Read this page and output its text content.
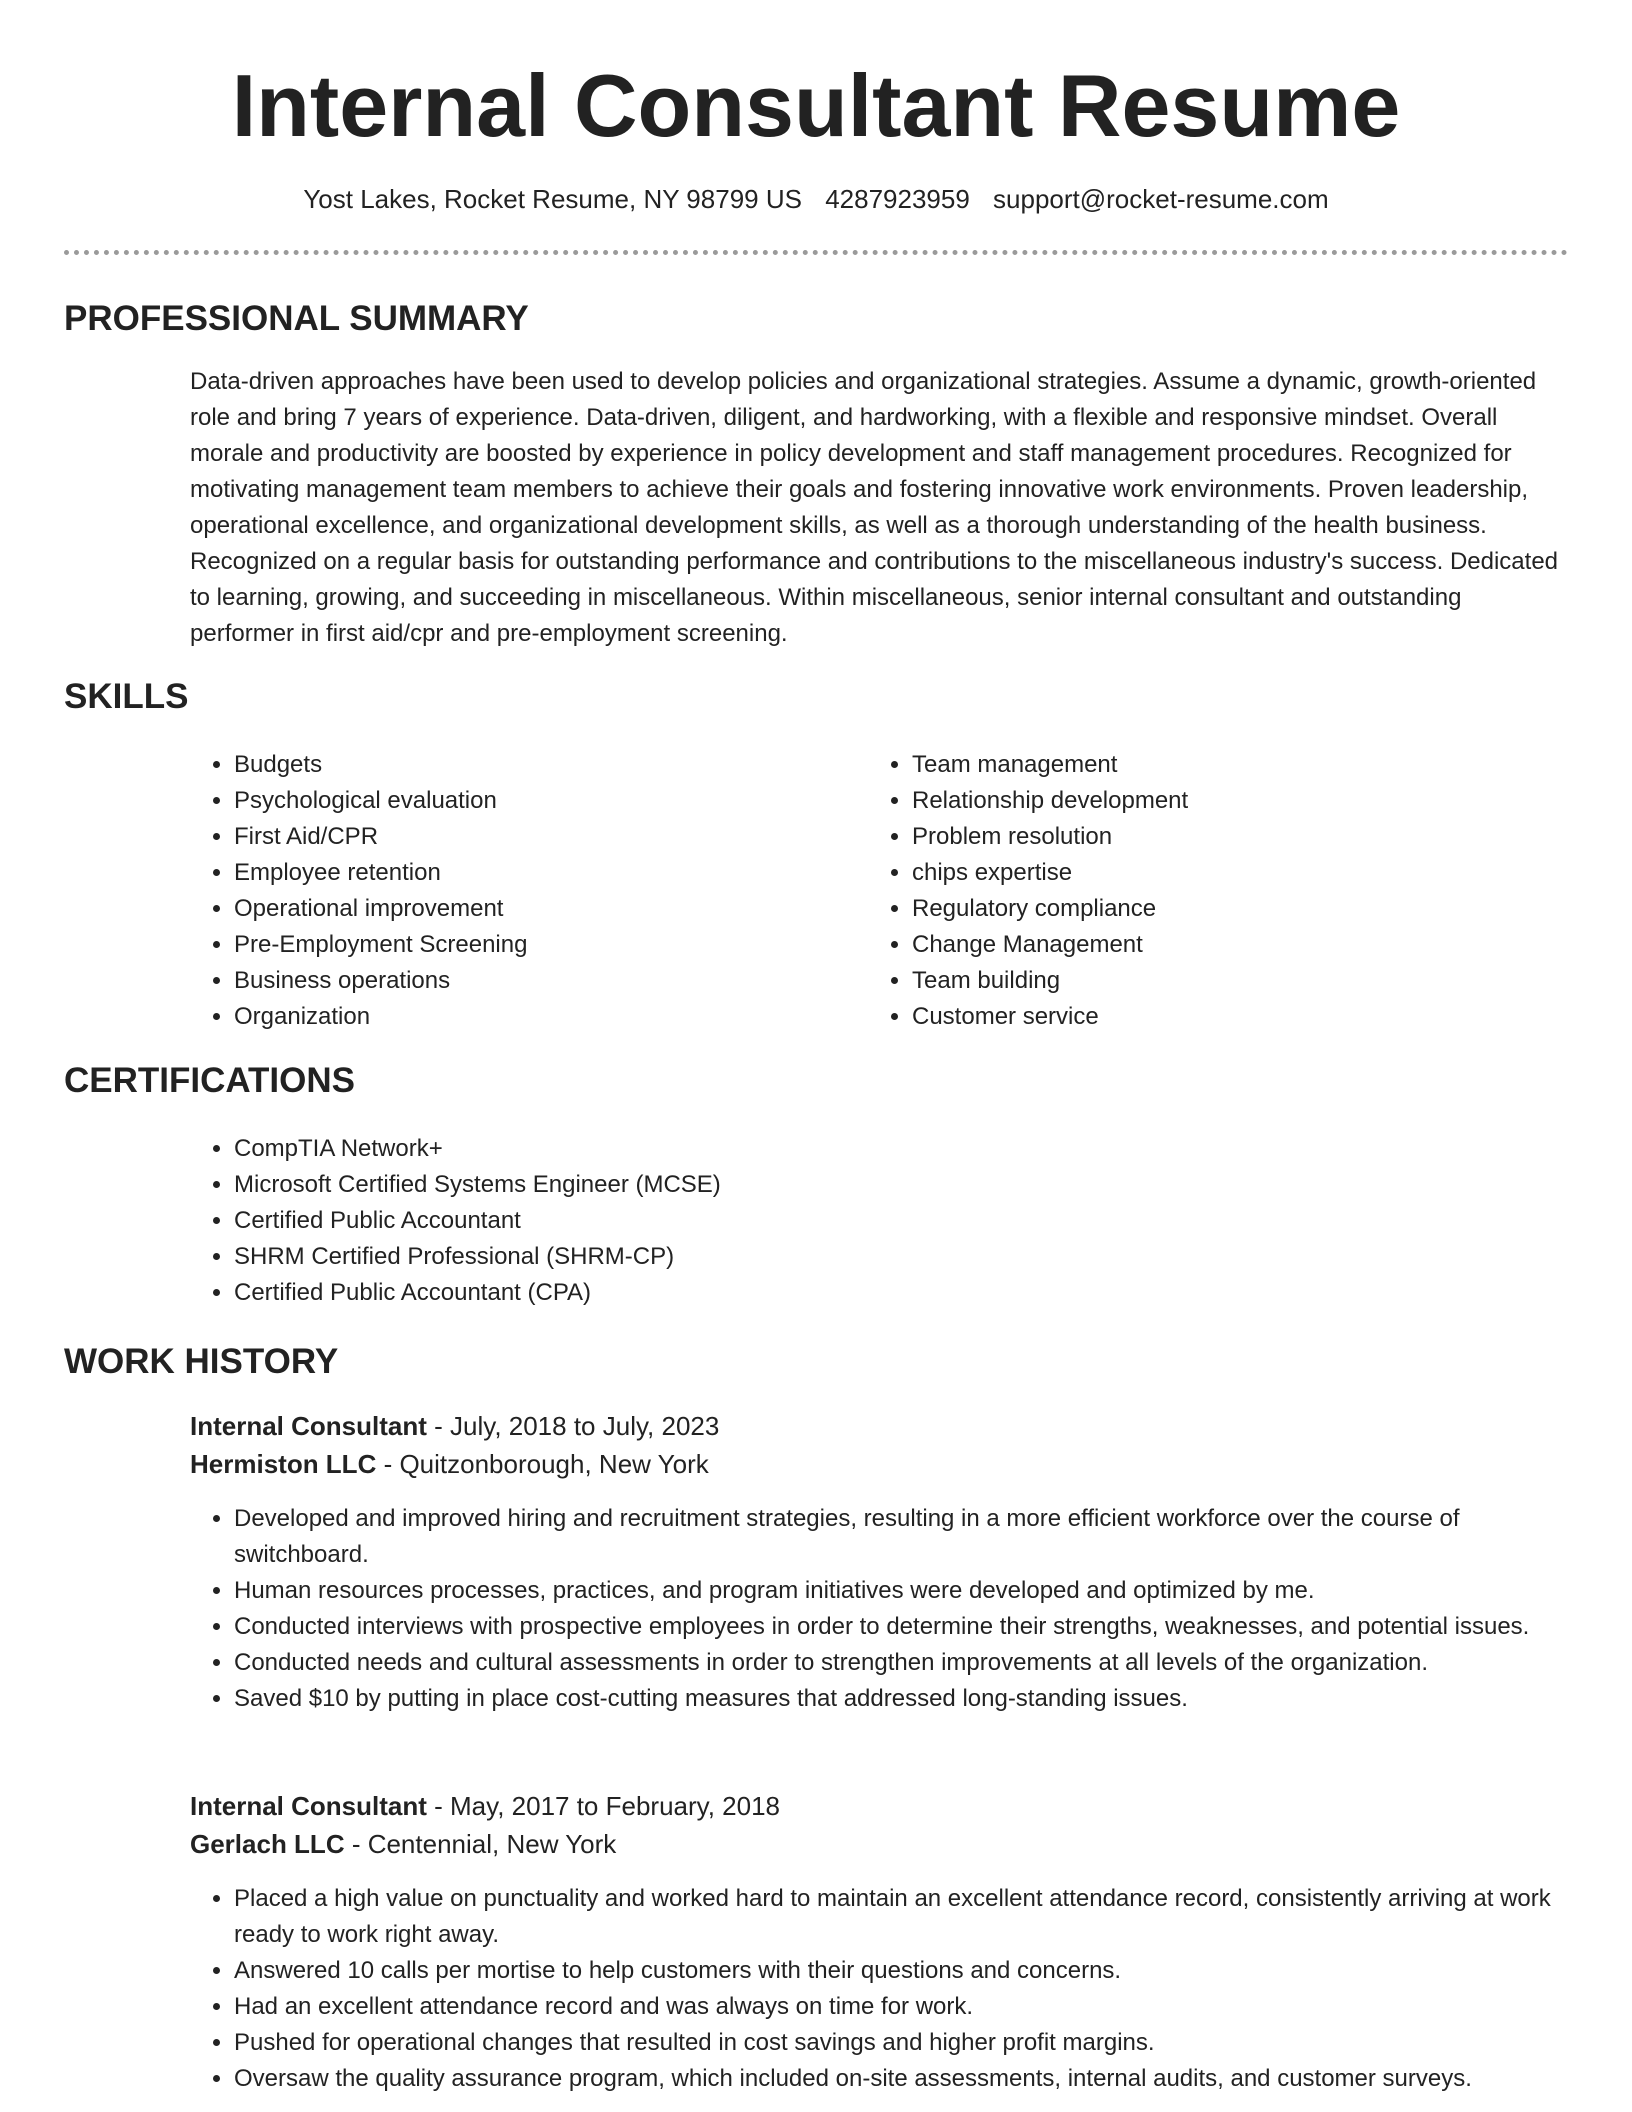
Internal Consultant Resume
Yost Lakes, Rocket Resume, NY 98799 US 4287923959 support@rocket-resume.com
PROFESSIONAL SUMMARY

Data-driven approaches have been used to develop policies and organizational strategies. Assume a dynamic, growth-oriented role and bring 7 years of experience. Data-driven, diligent, and hardworking, with a flexible and responsive mindset. Overall morale and productivity are boosted by experience in policy development and staff management procedures. Recognized for motivating management team members to achieve their goals and fostering innovative work environments. Proven leadership, operational excellence, and organizational development skills, as well as a thorough understanding of the health business. Recognized on a regular basis for outstanding performance and contributions to the miscellaneous industry's success. Dedicated to learning, growing, and succeeding in miscellaneous. Within miscellaneous, senior internal consultant and outstanding performer in first aid/cpr and pre-employment screening.

SKILLS
• Budgets
• Psychological evaluation
• First Aid/CPR
• Employee retention
• Operational improvement
• Pre-Employment Screening
• Business operations
• Organization
• Team management
• Relationship development
• Problem resolution
• chips expertise
• Regulatory compliance
• Change Management
• Team building
• Customer service
CERTIFICATIONS
• CompTIA Network+
• Microsoft Certified Systems Engineer (MCSE)
• Certified Public Accountant
• SHRM Certified Professional (SHRM-CP)
• Certified Public Accountant (CPA)
WORK HISTORY
Internal Consultant - July, 2018 to July, 2023
Hermiston LLC - Quitzonborough, New York
• Developed and improved hiring and recruitment strategies, resulting in a more efficient workforce over the course of switchboard.
• Human resources processes, practices, and program initiatives were developed and optimized by me.
• Conducted interviews with prospective employees in order to determine their strengths, weaknesses, and potential issues.
• Conducted needs and cultural assessments in order to strengthen improvements at all levels of the organization.
• Saved $10 by putting in place cost-cutting measures that addressed long-standing issues.
Internal Consultant - May, 2017 to February, 2018
Gerlach LLC - Centennial, New York
• Placed a high value on punctuality and worked hard to maintain an excellent attendance record, consistently arriving at work ready to work right away.
• Answered 10 calls per mortise to help customers with their questions and concerns.
• Had an excellent attendance record and was always on time for work.
• Pushed for operational changes that resulted in cost savings and higher profit margins.
• Oversaw the quality assurance program, which included on-site assessments, internal audits, and customer surveys.
